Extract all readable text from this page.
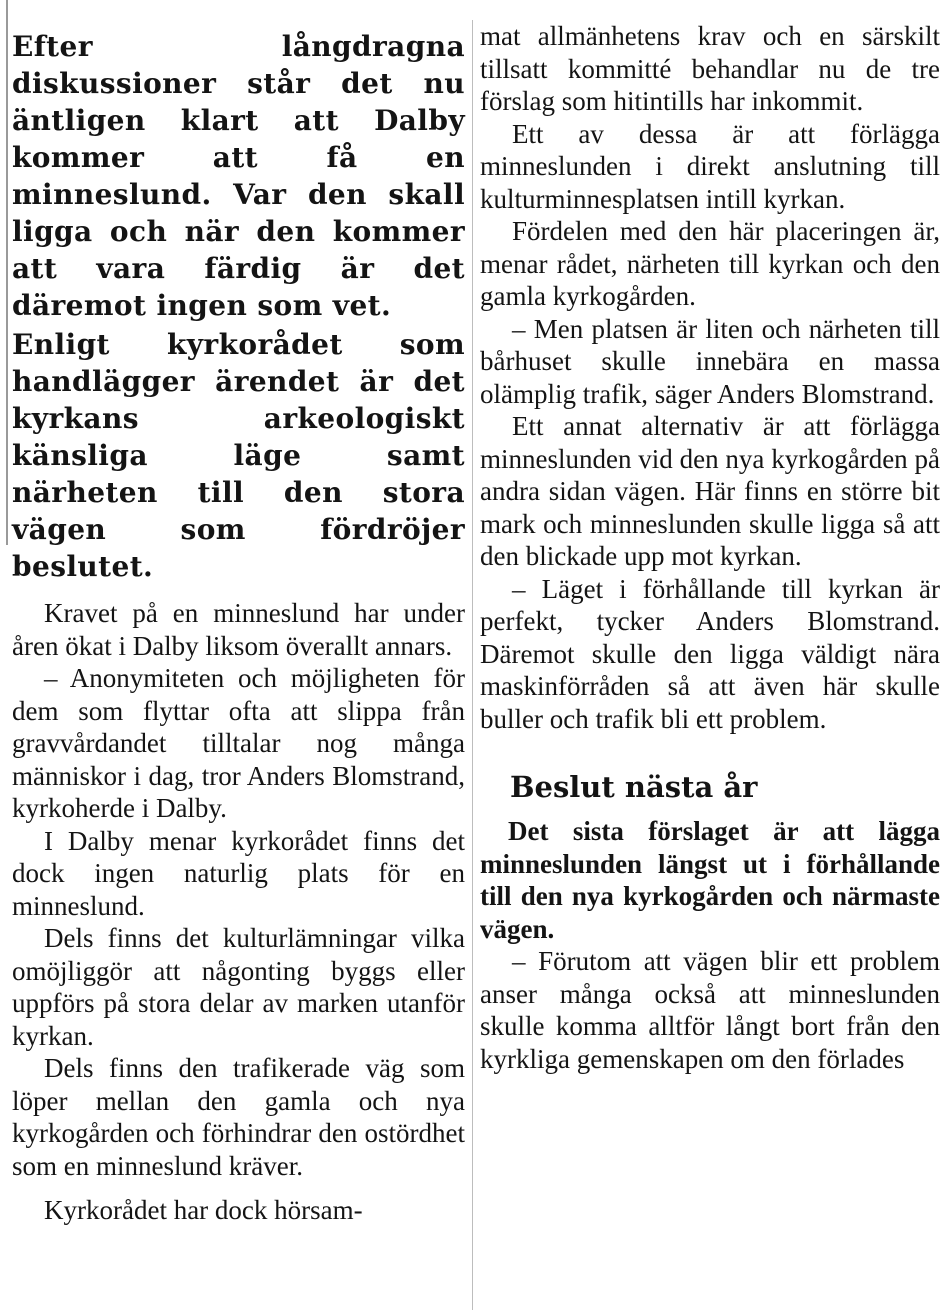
Efter långdragna diskussioner står det nu äntligen klart att Dalby kommer att få en minneslund. Var den skall ligga och när den kommer att vara färdig är det däremot ingen som vet.

Enligt kyrkorådet som handlägger ärendet är det kyrkans arkeologiskt känsliga läge samt närheten till den stora vägen som fördröjer beslutet.

Kravet på en minneslund har under åren ökat i Dalby liksom överallt annars.

– Anonymiteten och möjligheten för dem som flyttar ofta att slippa från gravvårdandet tilltalar nog många människor i dag, tror Anders Blomstrand, kyrkoherde i Dalby.

I Dalby menar kyrkorådet finns det dock ingen naturlig plats för en minneslund.

Dels finns det kulturlämningar vilka omöjliggör att någonting byggs eller uppförs på stora delar av marken utanför kyrkan.

Dels finns den trafikerade väg som löper mellan den gamla och nya kyrkogården och förhindrar den ostördhet som en minneslund kräver.

Kyrkorådet har dock hörsam-

mat allmänhetens krav och en särskilt tillsatt kommitté behandlar nu de tre förslag som hitintills har inkommit.

Ett av dessa är att förlägga minneslunden i direkt anslutning till kulturminnesplatsen intill kyrkan.

Fördelen med den här placeringen är, menar rådet, närheten till kyrkan och den gamla kyrkogården.

– Men platsen är liten och närheten till bårhuset skulle innebära en massa olämplig trafik, säger Anders Blomstrand.

Ett annat alternativ är att förlägga minneslunden vid den nya kyrkogården på andra sidan vägen. Här finns en större bit mark och minneslunden skulle ligga så att den blickade upp mot kyrkan.

– Läget i förhållande till kyrkan är perfekt, tycker Anders Blomstrand. Däremot skulle den ligga väldigt nära maskinförråden så att även här skulle buller och trafik bli ett problem.

Beslut nästa år

Det sista förslaget är att lägga minneslunden längst ut i förhållande till den nya kyrkogården och närmaste vägen.

– Förutom att vägen blir ett problem anser många också att minneslunden skulle komma alltför långt bort från den kyrkliga gemenskapen om den förlades
